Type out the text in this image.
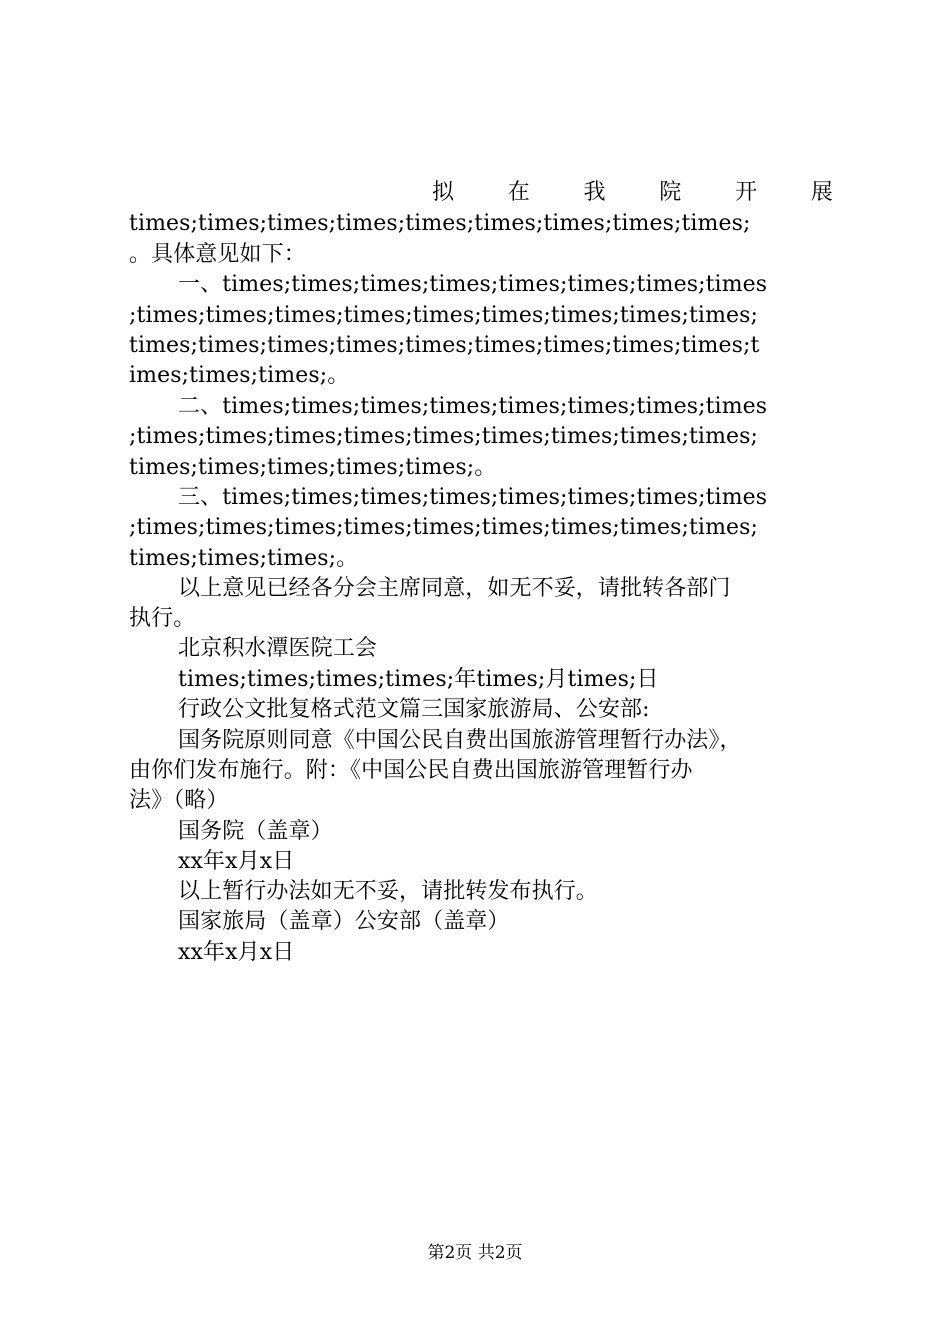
拟 在 我 院 开 展
times;times;times;times;times;times;times;times;times;
。具体意见如下：
一、times;times;times;times;times;times;times;times
;times;times;times;times;times;times;times;times;times;
times;times;times;times;times;times;times;times;times;t
imes;times;times;。
二、times;times;times;times;times;times;times;times
;times;times;times;times;times;times;times;times;times;
times;times;times;times;times;。
三、times;times;times;times;times;times;times;times
;times;times;times;times;times;times;times;times;times;
times;times;times;。
以上意见已经各分会主席同意，如无不妥，请批转各部门
执行。
北京积水潭医院工会
times;times;times;times;年times;月times;日
行政公文批复格式范文篇三国家旅游局、公安部:
国务院原则同意《中国公民自费出国旅游管理暂行办法》，
由你们发布施行。附：《中国公民自费出国旅游管理暂行办
法》（略）
国务院（盖章）
xx年x月x日
以上暂行办法如无不妥，请批转发布执行。
国家旅局（盖章）公安部（盖章）
xx年x月x日
第2页 共2页
